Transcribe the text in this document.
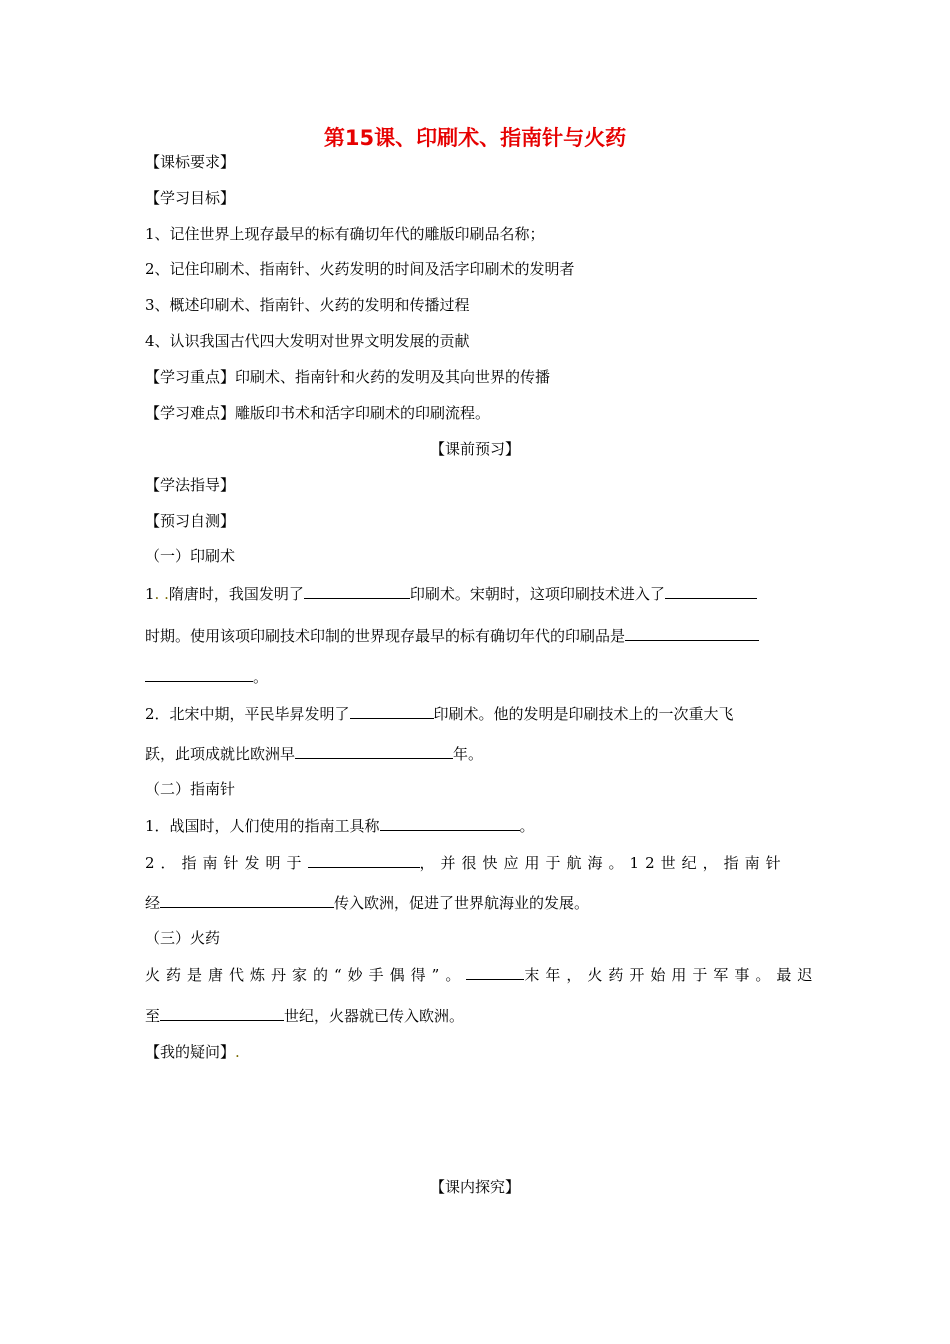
第15课、印刷术、指南针与火药
【课标要求】
【学习目标】
1、记住世界上现存最早的标有确切年代的雕版印刷品名称；
2、记住印刷术、指南针、火药发明的时间及活字印刷术的发明者
3、概述印刷术、指南针、火药的发明和传播过程
4、认识我国古代四大发明对世界文明发展的贡献
【学习重点】印刷术、指南针和火药的发明及其向世界的传播
【学习难点】雕版印书术和活字印刷术的印刷流程。
【课前预习】
【学法指导】
【预习自测】
（一）印刷术
1. .隋唐时，我国发明了	印刷术。宋朝时，这项印刷技术进入了
时期。使用该项印刷技术印制的世界现存最早的标有确切年代的印刷品是
。
2．北宋中期，平民毕昇发明了	印刷术。他的发明是印刷技术上的一次重大飞
跃，此项成就比欧洲早	年。
（二）指南针
1．战国时，人们使用的指南工具称	。
2．指南针发明于	，并很快应用于航海。12世纪，指南针
经	传入欧洲，促进了世界航海业的发展。
（三）火药
火药是唐代炼丹家的“妙手偶得”。	末年，火药开始用于军事。最迟
至	世纪，火器就已传入欧洲。
【我的疑问】.
【课内探究】
